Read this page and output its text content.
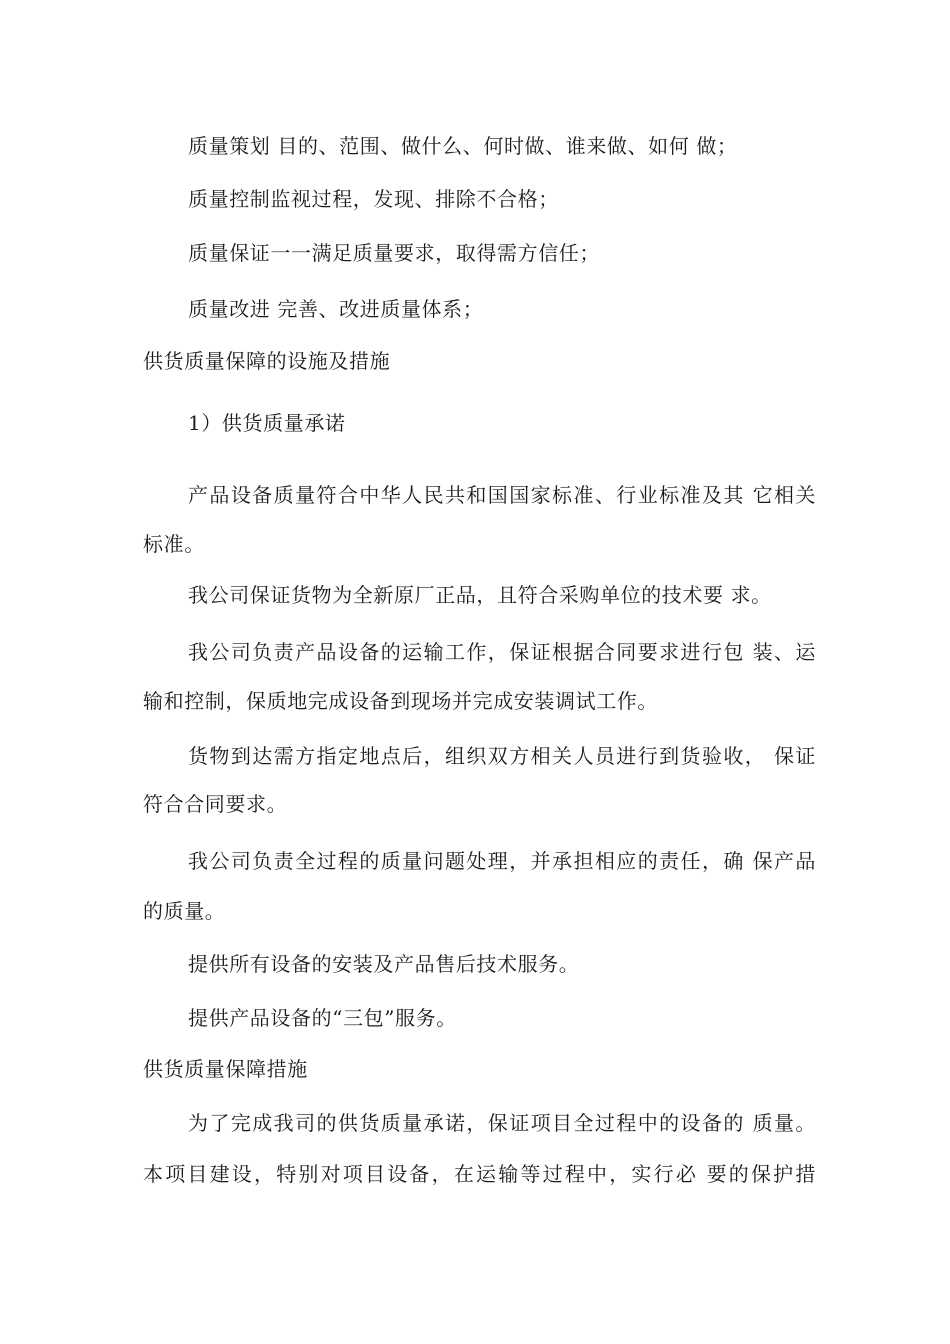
质量策划 目的、范围、做什么、何时做、谁来做、如何 做；
质量控制监视过程，发现、排除不合格；
质量保证一一满足质量要求，取得需方信任；
质量改进 完善、改进质量体系；
供货质量保障的设施及措施
1）供货质量承诺
产品设备质量符合中华人民共和国国家标准、行业标准及其 它相关
标准。
我公司保证货物为全新原厂正品，且符合采购单位的技术要 求。
我公司负责产品设备的运输工作，保证根据合同要求进行包 装、运
输和控制，保质地完成设备到现场并完成安装调试工作。
货物到达需方指定地点后，组织双方相关人员进行到货验收， 保证
符合合同要求。
我公司负责全过程的质量问题处理，并承担相应的责任，确 保产品
的质量。
提供所有设备的安装及产品售后技术服务。
提供产品设备的“三包”服务。
供货质量保障措施
为了完成我司的供货质量承诺，保证项目全过程中的设备的 质量。
本项目建设，特别对项目设备，在运输等过程中，实行必 要的保护措
